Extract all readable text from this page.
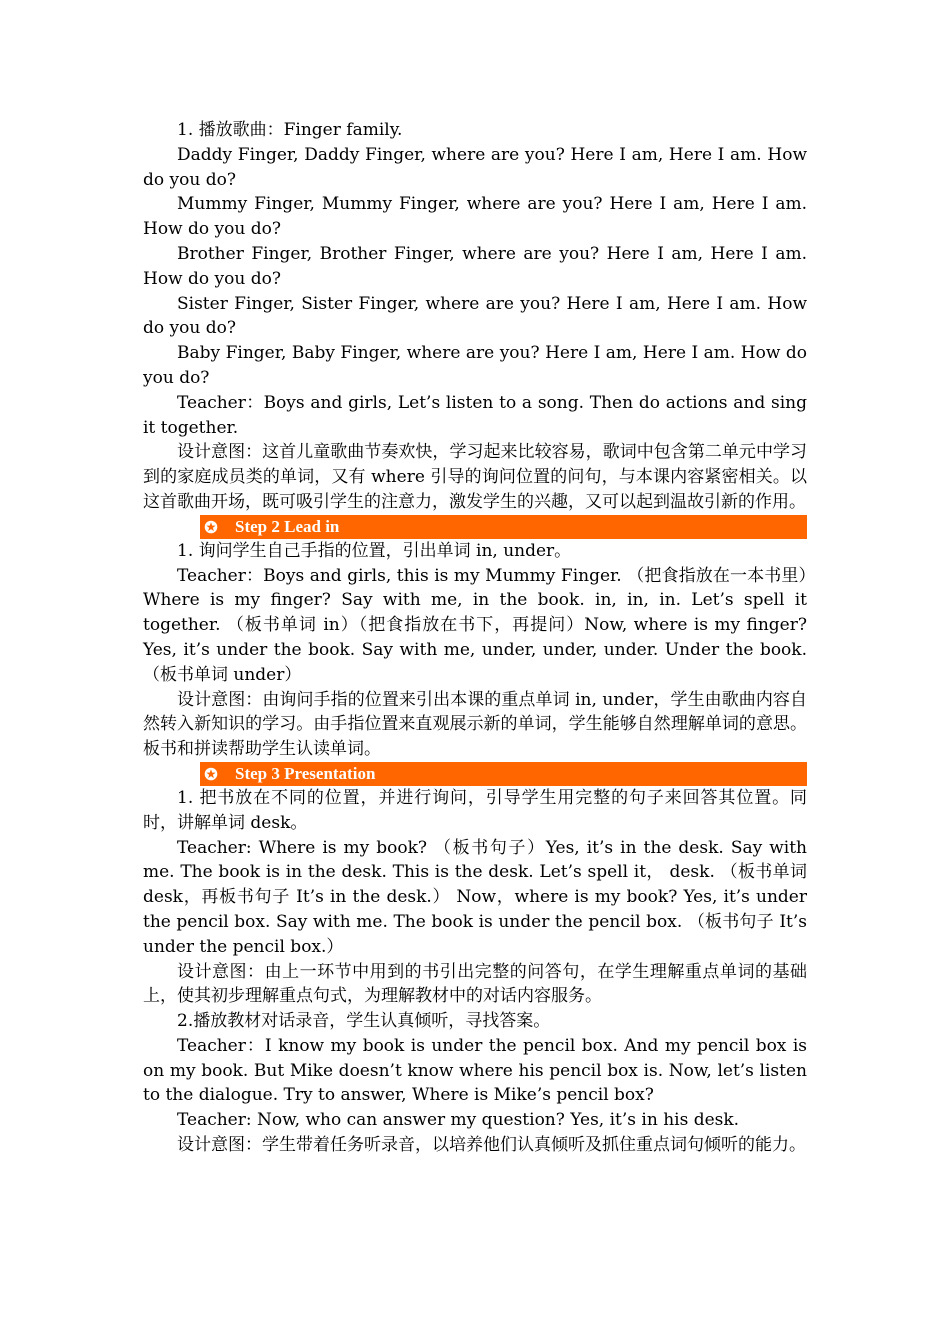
1. 播放歌曲：Finger family.

Daddy Finger, Daddy Finger, where are you? Here I am, Here I am. How do you do?

Mummy Finger, Mummy Finger, where are you? Here I am, Here I am. How do you do?

Brother Finger, Brother Finger, where are you? Here I am, Here I am. How do you do?

Sister Finger, Sister Finger, where are you? Here I am, Here I am. How do you do?

Baby Finger, Baby Finger, where are you? Here I am, Here I am. How do you do?

Teacher：Boys and girls, Let’s listen to a song. Then do actions and sing it together.

设计意图：这首儿童歌曲节奏欢快，学习起来比较容易，歌词中包含第二单元中学习到的家庭成员类的单词，又有 where 引导的询问位置的问句，与本课内容紧密相关。以这首歌曲开场，既可吸引学生的注意力，激发学生的兴趣，又可以起到温故引新的作用。

Step 2 Lead in

1. 询问学生自己手指的位置，引出单词 in, under。

Teacher：Boys and girls, this is my Mummy Finger. （把食指放在一本书里）Where is my finger? Say with me, in the book. in, in, in. Let’s spell it together. （板书单词 in）（把食指放在书下，再提问）Now, where is my finger? Yes, it’s under the book. Say with me, under, under, under. Under the book. （板书单词 under）

设计意图：由询问手指的位置来引出本课的重点单词 in, under，学生由歌曲内容自然转入新知识的学习。由手指位置来直观展示新的单词，学生能够自然理解单词的意思。板书和拼读帮助学生认读单词。

Step 3 Presentation

1. 把书放在不同的位置，并进行询问，引导学生用完整的句子来回答其位置。同时，讲解单词 desk。

Teacher: Where is my book? （板书句子）Yes, it’s in the desk. Say with me. The book is in the desk. This is the desk. Let’s spell it， desk. （板书单词 desk，再板书句子 It’s in the desk.） Now，where is my book? Yes, it’s under the pencil box. Say with me. The book is under the pencil box. （板书句子 It’s under the pencil box.）

设计意图：由上一环节中用到的书引出完整的问答句，在学生理解重点单词的基础上，使其初步理解重点句式，为理解教材中的对话内容服务。

2.播放教材对话录音，学生认真倾听，寻找答案。

Teacher：I know my book is under the pencil box. And my pencil box is on my book. But Mike doesn’t know where his pencil box is. Now, let’s listen to the dialogue. Try to answer, Where is Mike’s pencil box?

Teacher: Now, who can answer my question? Yes, it’s in his desk.

设计意图：学生带着任务听录音，以培养他们认真倾听及抓住重点词句倾听的能力。
